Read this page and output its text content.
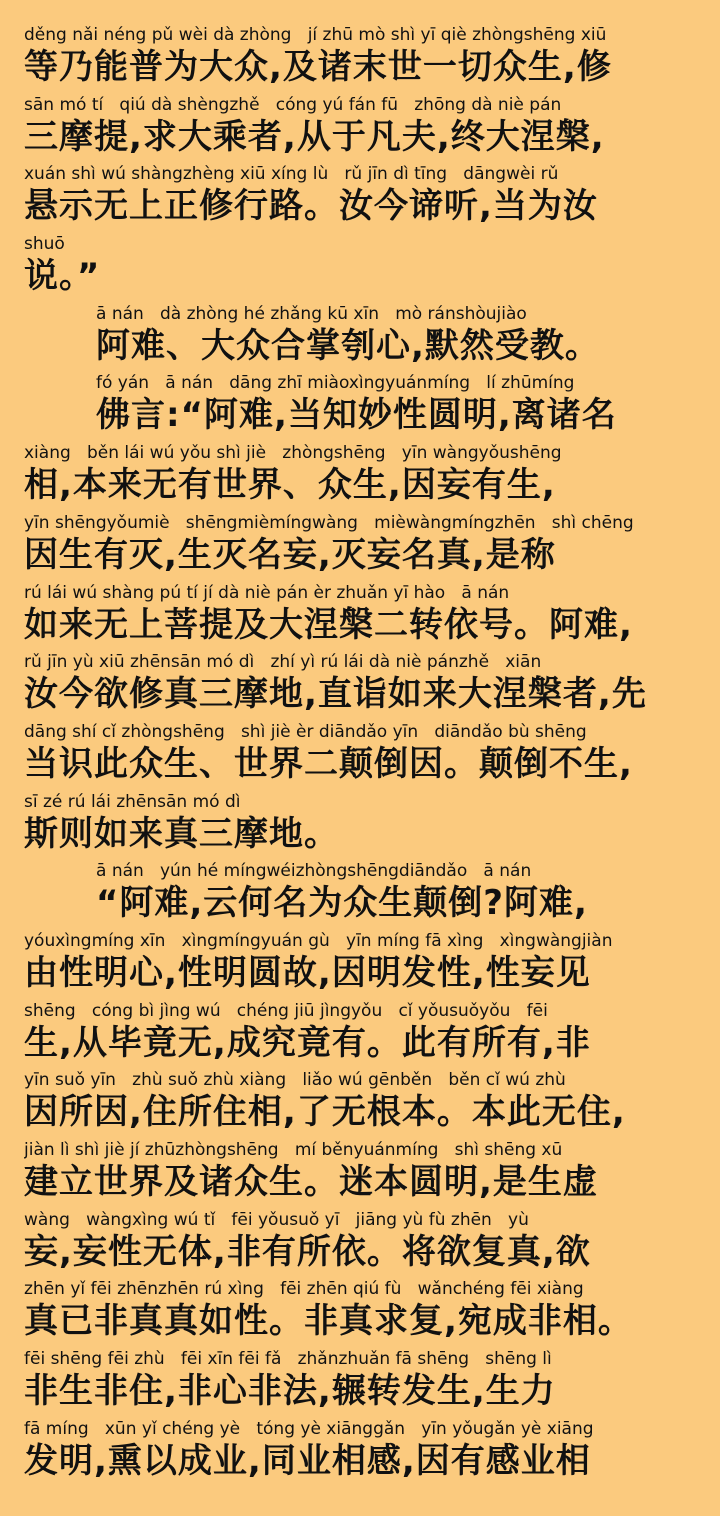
děng nǎi néng pǔ wèi dà zhòng   jí zhū mò shì yī qiè zhòngshēng xiū
等乃能普为大众,及诸末世一切众生,修
sān mó tí   qiú dà shèngzhě   cóng yú fán fū   zhōng dà niè pán
三摩提,求大乘者,从于凡夫,终大涅槃,
xuán shì wú shàngzhèng xiū xíng lù   rǔ jīn dì tīng   dāngwèi rǔ
悬示无上正修行路。汝今谛听,当为汝
shuō
说。”
ā nán   dà zhòng hé zhǎng kū xīn   mò ránshòujiào
阿难、大众合掌刳心,默然受教。
fó yán   ā nán   dāng zhī miàoxìngyuánmíng   lí zhūmíng
佛言:“阿难,当知妙性圆明,离诸名
xiàng   běn lái wú yǒu shì jiè   zhòngshēng   yīn wàngyǒushēng
相,本来无有世界、众生,因妄有生,
yīn shēngyǒumiè   shēngmièmíngwàng   mièwàngmíngzhēn   shì chēng
因生有灭,生灭名妄,灭妄名真,是称
rú lái wú shàng pú tí jí dà niè pán èr zhuǎn yī hào   ā nán
如来无上菩提及大涅槃二转依号。阿难,
rǔ jīn yù xiū zhēnsān mó dì   zhí yì rú lái dà niè pánzhě   xiān
汝今欲修真三摩地,直诣如来大涅槃者,先
dāng shí cǐ zhòngshēng   shì jiè èr diāndǎo yīn   diāndǎo bù shēng
当识此众生、世界二颠倒因。颠倒不生,
sī zé rú lái zhēnsān mó dì
斯则如来真三摩地。
ā nán   yún hé míngwéizhòngshēngdiāndǎo   ā nán
“阿难,云何名为众生颠倒?阿难,
yóuxìngmíng xīn   xìngmíngyuán gù   yīn míng fā xìng   xìngwàngjiàn
由性明心,性明圆故,因明发性,性妄见
shēng   cóng bì jìng wú   chéng jiū jìngyǒu   cǐ yǒusuǒyǒu   fēi
生,从毕竟无,成究竟有。此有所有,非
yīn suǒ yīn   zhù suǒ zhù xiàng   liǎo wú gēnběn   běn cǐ wú zhù
因所因,住所住相,了无根本。本此无住,
jiàn lì shì jiè jí zhūzhòngshēng   mí běnyuánmíng   shì shēng xū
建立世界及诸众生。迷本圆明,是生虚
wàng   wàngxìng wú tǐ   fēi yǒusuǒ yī   jiāng yù fù zhēn   yù
妄,妄性无体,非有所依。将欲复真,欲
zhēn yǐ fēi zhēnzhēn rú xìng   fēi zhēn qiú fù   wǎnchéng fēi xiàng
真已非真真如性。非真求复,宛成非相。
fēi shēng fēi zhù   fēi xīn fēi fǎ   zhǎnzhuǎn fā shēng   shēng lì
非生非住,非心非法,辗转发生,生力
fā míng   xūn yǐ chéng yè   tóng yè xiānggǎn   yīn yǒugǎn yè xiāng
发明,熏以成业,同业相感,因有感业相
